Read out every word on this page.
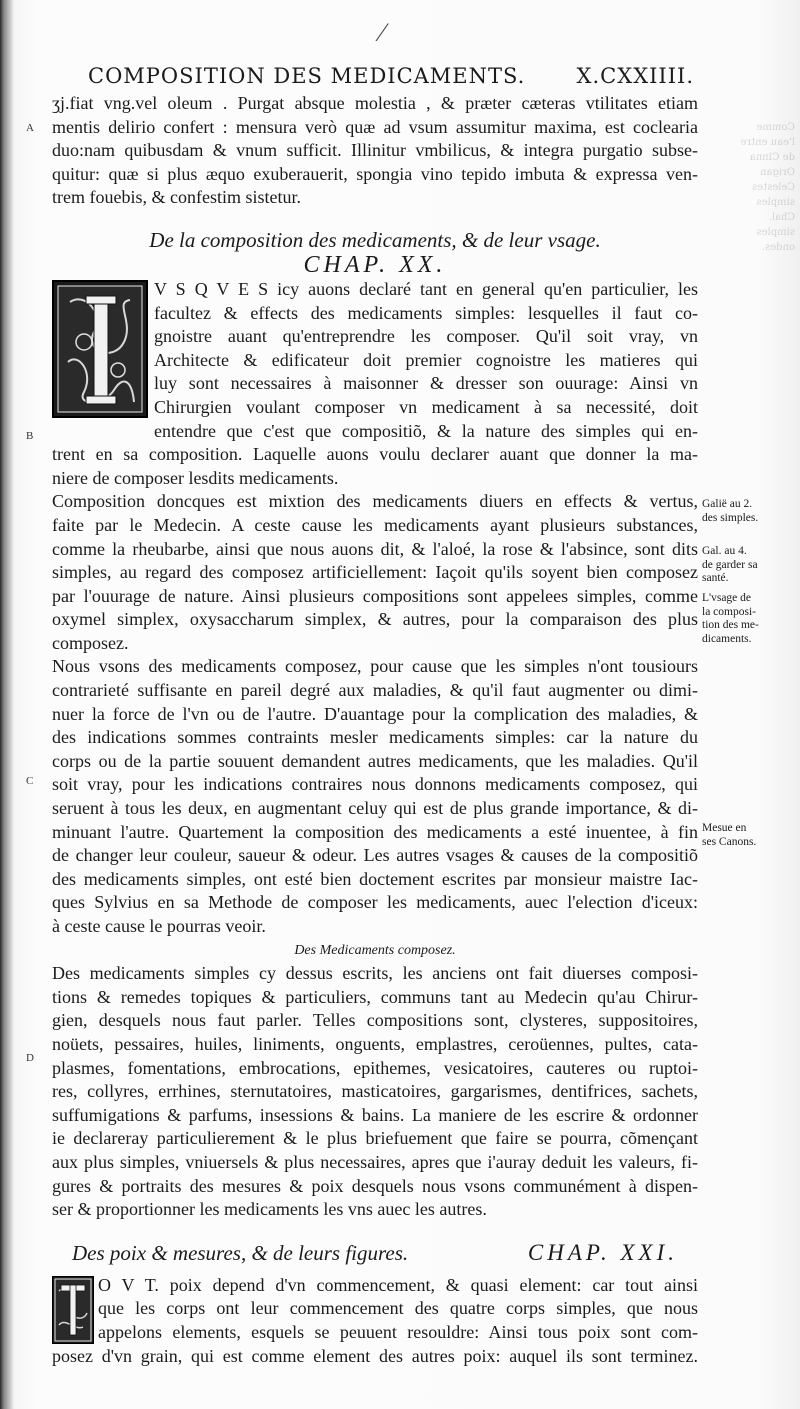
Comme
l'eau entre
de Cinna
Origan
Celestes
simples
Chal.
simples
ondes.
⁄
COMPOSITION DES MEDICAMENTS. X.CXXIIII.
A
B
C
D
ʒj.fiat vng.vel oleum . Purgat absque molestia , & præter cæteras vtilitates etiam
mentis delirio confert : mensura verò quæ ad vsum assumitur maxima, est coclearia
duo:nam quibusdam & vnum sufficit. Illinitur vmbilicus, & integra purgatio subse-
quitur: quæ si plus æquo exuberauerit, spongia vino tepido imbuta & expressa ven-
trem fouebis, & confestim sistetur.
De la composition des medicaments, & de leur vsage.
CHAP. XX.
V S Q V E S icy auons declaré tant en general qu'en particulier, les
facultez & effects des medicaments simples: lesquelles il faut co-
gnoistre auant qu'entreprendre les composer. Qu'il soit vray, vn
Architecte & edificateur doit premier cognoistre les matieres qui
luy sont necessaires à maisonner & dresser son ouurage: Ainsi vn
Chirurgien voulant composer vn medicament à sa necessité, doit
entendre que c'est que compositiõ, & la nature des simples qui en-
trent en sa composition. Laquelle auons voulu declarer auant que donner la ma-
niere de composer lesdits medicaments.
Composition doncques est mixtion des medicaments diuers en effects & vertus,
faite par le Medecin. A ceste cause les medicaments ayant plusieurs substances,
comme la rheubarbe, ainsi que nous auons dit, & l'aloé, la rose & l'absince, sont dits
simples, au regard des composez artificiellement: Iaçoit qu'ils soyent bien composez
par l'ouurage de nature. Ainsi plusieurs compositions sont appelees simples, comme
oxymel simplex, oxysaccharum simplex, & autres, pour la comparaison des plus
composez.
Nous vsons des medicaments composez, pour cause que les simples n'ont tousiours
contrarieté suffisante en pareil degré aux maladies, & qu'il faut augmenter ou dimi-
nuer la force de l'vn ou de l'autre. D'auantage pour la complication des maladies, &
des indications sommes contraints mesler medicaments simples: car la nature du
corps ou de la partie souuent demandent autres medicaments, que les maladies. Qu'il
soit vray, pour les indications contraires nous donnons medicaments composez, qui
seruent à tous les deux, en augmentant celuy qui est de plus grande importance, & di-
minuant l'autre. Quartement la composition des medicaments a esté inuentee, à fin
de changer leur couleur, saueur & odeur. Les autres vsages & causes de la compositiõ
des medicaments simples, ont esté bien doctement escrites par monsieur maistre Iac-
ques Sylvius en sa Methode de composer les medicaments, auec l'election d'iceux:
à ceste cause le pourras veoir.
Des Medicaments composez.
Des medicaments simples cy dessus escrits, les anciens ont fait diuerses composi-
tions & remedes topiques & particuliers, communs tant au Medecin qu'au Chirur-
gien, desquels nous faut parler. Telles compositions sont, clysteres, suppositoires,
noüets, pessaires, huiles, liniments, onguents, emplastres, ceroüennes, pultes, cata-
plasmes, fomentations, embrocations, epithemes, vesicatoires, cauteres ou ruptoi-
res, collyres, errhines, sternutatoires, masticatoires, gargarismes, dentifrices, sachets,
suffumigations & parfums, insessions & bains. La maniere de les escrire & ordonner
ie declareray particulierement & le plus briefuement que faire se pourra, cõmençant
aux plus simples, vniuersels & plus necessaires, apres que i'auray deduit les valeurs, fi-
gures & portraits des mesures & poix desquels nous vsons communément à dispen-
ser & proportionner les medicaments les vns auec les autres.
Des poix & mesures, & de leurs figures.	CHAP. XXI.
O V T. poix depend d'vn commencement, & quasi element: car tout ainsi
que les corps ont leur commencement des quatre corps simples, que nous
appelons elements, esquels se peuuent resouldre: Ainsi tous poix sont com-
posez d'vn grain, qui est comme element des autres poix: auquel ils sont terminez.
Galië au 2.
des simples.
Gal. au 4.
de garder sa
santé.
L'vsage de
la composi-
tion des me-
dicaments.
Mesue en
ses Canons.
